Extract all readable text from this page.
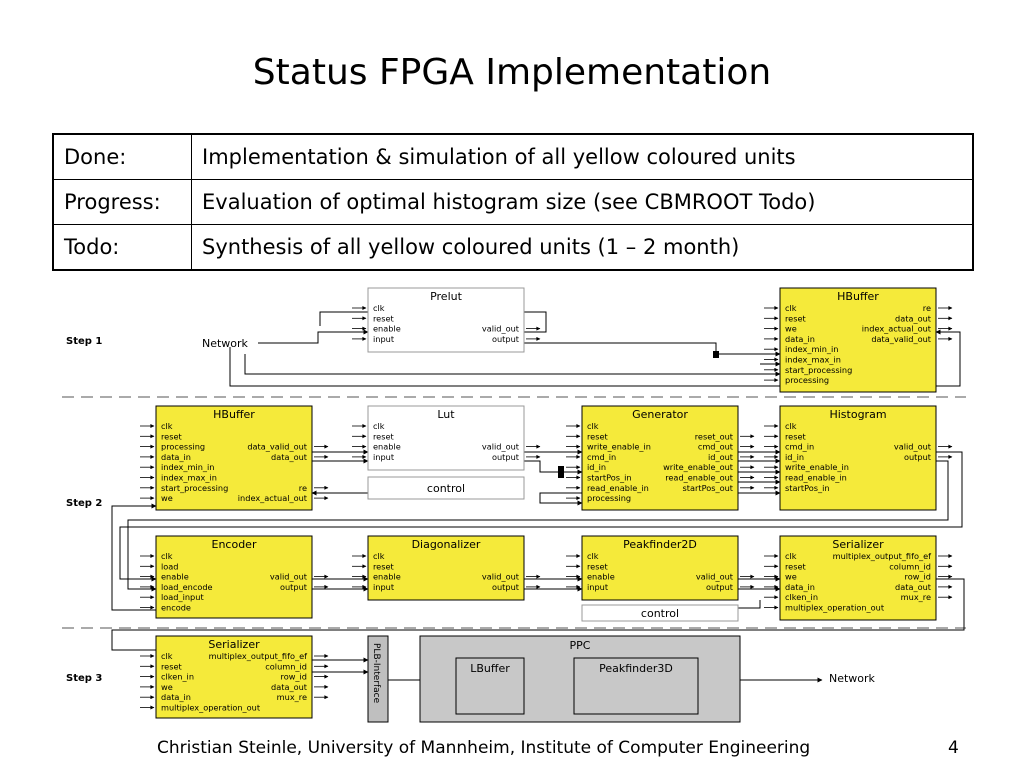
Status FPGA Implementation
Done:	Implementation & simulation of all yellow coloured units
Progress:	Evaluation of optimal histogram size (see CBMROOT Todo)
Todo:	Synthesis of all yellow coloured units (1 – 2 month)
Step 1
Step 2
Step 3
Network
Network
PLB-Interface	PPC
LBuffer	Peakfinder3D
Prelut
clk
reset
enable	valid_out
input	output
HBuffer
clk	re
reset	data_out
we	index_actual_out
data_in	data_valid_out
index_min_in
index_max_in
start_processing
processing
HBuffer
clk
reset
processing	data_valid_out
data_in	data_out
index_min_in
index_max_in
start_processing	re
we	index_actual_out
Lut
clk
reset
enable	valid_out
input	output
Generator
clk
reset	reset_out
write_enable_in	cmd_out
cmd_in	id_out
id_in	write_enable_out
startPos_in	read_enable_out
read_enable_in	startPos_out
processing
Histogram
clk
reset
cmd_in	valid_out
id_in	output
write_enable_in
read_enable_in
startPos_in
control
Encoder
clk
load
enable	valid_out
load_encode	output
load_input
encode
Diagonalizer
clk
reset
enable	valid_out
input	output
Peakfinder2D
clk
reset
enable	valid_out
input	output
Serializer
clk	multiplex_output_fifo_ef
reset	column_id
we	row_id
data_in	data_out
clken_in	mux_re
multiplex_operation_out
control
Serializer
clk	multiplex_output_fifo_ef
reset	column_id
clken_in	row_id
we	data_out
data_in	mux_re
multiplex_operation_out
Christian Steinle, University of Mannheim, Institute of Computer Engineering	4
